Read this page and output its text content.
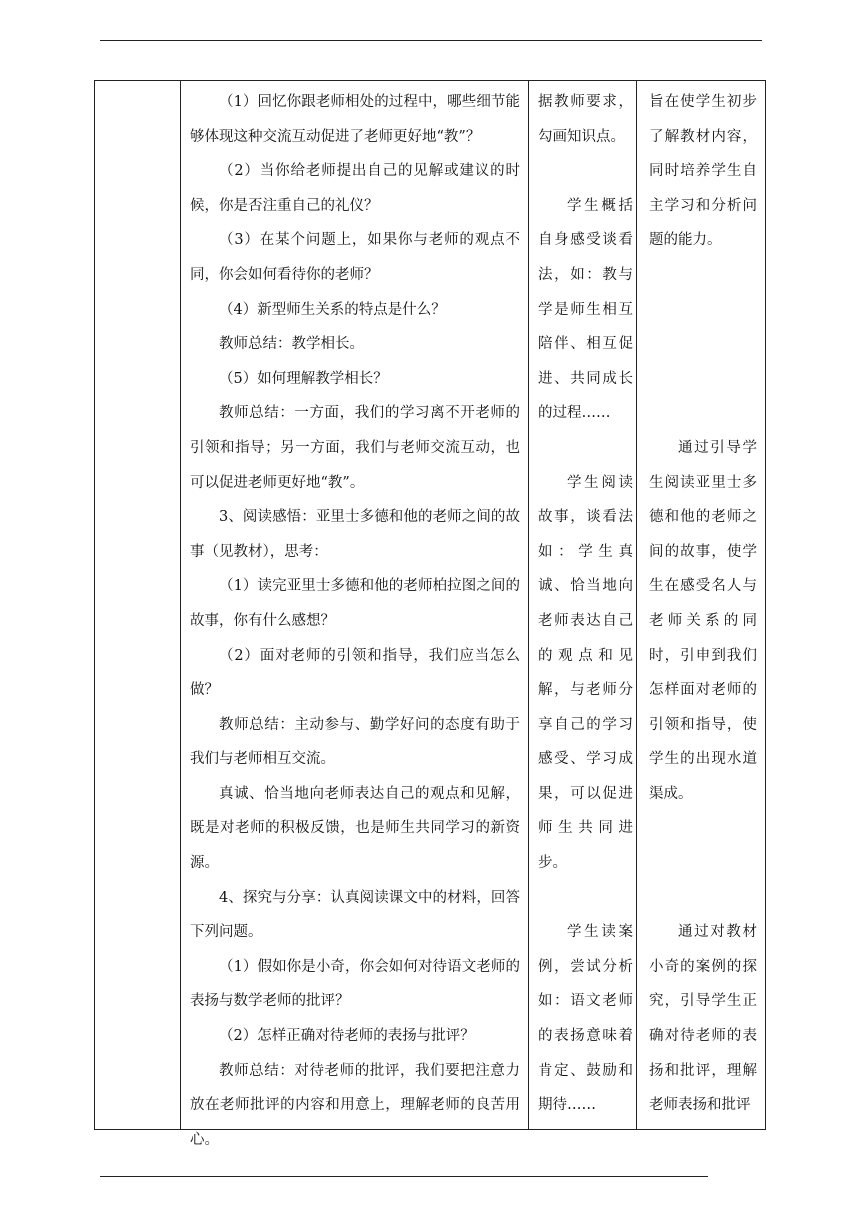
（1）回忆你跟老师相处的过程中，哪些细节能够体现这种交流互动促进了老师更好地“教”？

（2）当你给老师提出自己的见解或建议的时候，你是否注重自己的礼仪？

（3）在某个问题上，如果你与老师的观点不同，你会如何看待你的老师？

（4）新型师生关系的特点是什么？

教师总结：教学相长。

（5）如何理解教学相长？

教师总结：一方面，我们的学习离不开老师的引领和指导；另一方面，我们与老师交流互动，也可以促进老师更好地“教”。

3、阅读感悟：亚里士多德和他的老师之间的故事（见教材），思考：

（1）读完亚里士多德和他的老师柏拉图之间的故事，你有什么感想？

（2）面对老师的引领和指导，我们应当怎么做？

教师总结：主动参与、勤学好问的态度有助于我们与老师相互交流。

真诚、恰当地向老师表达自己的观点和见解，既是对老师的积极反馈，也是师生共同学习的新资源。

4、探究与分享：认真阅读课文中的材料，回答下列问题。

（1）假如你是小奇，你会如何对待语文老师的表扬与数学老师的批评？

（2）怎样正确对待老师的表扬与批评？

教师总结：对待老师的批评，我们要把注意力放在老师批评的内容和用意上，理解老师的良苦用心。

据教师要求，勾画知识点。

学生概括自身感受谈看法，如：教与学是师生相互陪伴、相互促进、共同成长的过程……

学生阅读故事，谈看法如：学生真诚、恰当地向老师表达自己的观点和见解，与老师分享自己的学习感受、学习成果，可以促进师生共同进步。

学生读案例，尝试分析如：语文老师的表扬意味着肯定、鼓励和期待……

旨在使学生初步了解教材内容，同时培养学生自主学习和分析问题的能力。

通过引导学生阅读亚里士多德和他的老师之间的故事，使学生在感受名人与老师关系的同时，引申到我们怎样面对老师的引领和指导，使学生的出现水道渠成。

通过对教材小奇的案例的探究，引导学生正确对待老师的表扬和批评，理解老师表扬和批评
